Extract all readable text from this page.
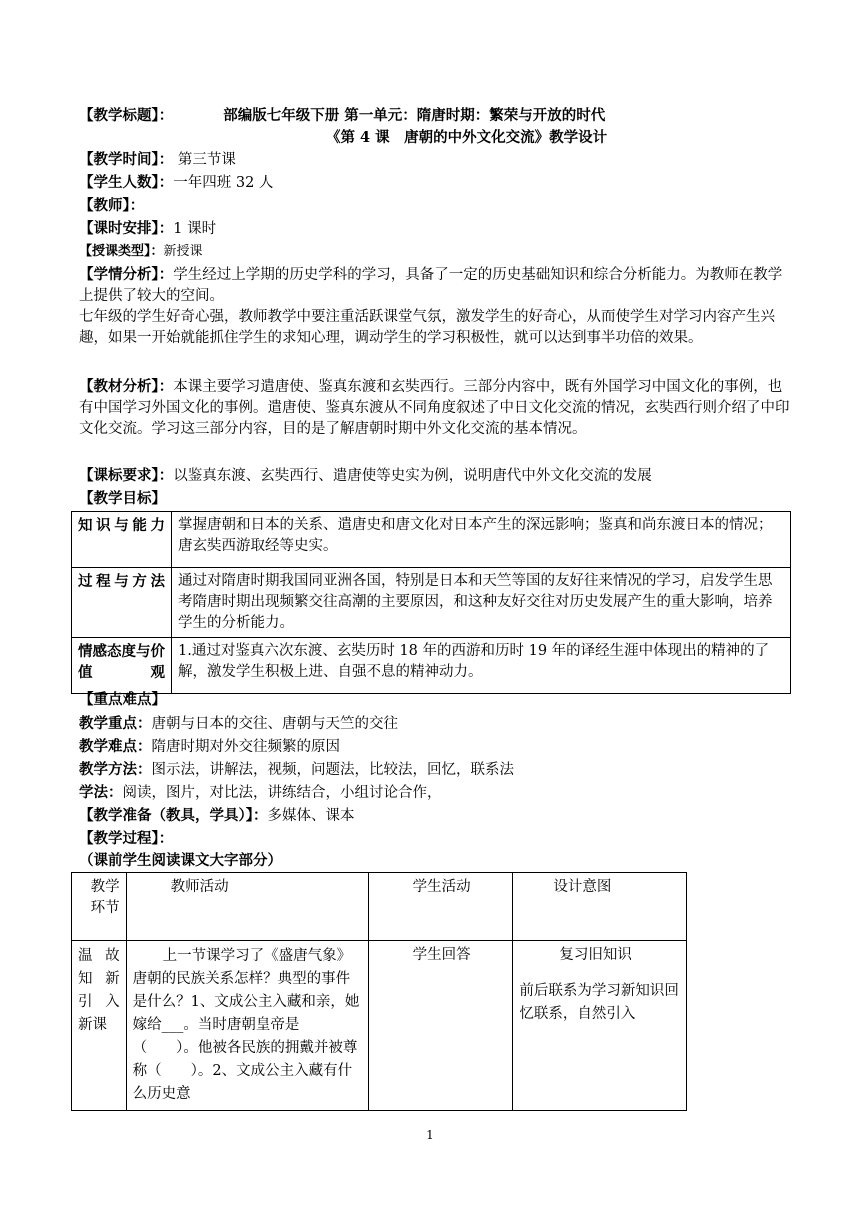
【教学标题】：	部编版七年级下册 第一单元：隋唐时期：繁荣与开放的时代
《第 4 课　唐朝的中外文化交流》教学设计
【教学时间】： 第三节课
【学生人数】：一年四班 32 人
【教师】：
【课时安排】：1 课时
【授课类型】：新授课

【学情分析】：学生经过上学期的历史学科的学习，具备了一定的历史基础知识和综合分析能力。为教师在教学上提供了较大的空间。

七年级的学生好奇心强，教师教学中要注重活跃课堂气氛，激发学生的好奇心，从而使学生对学习内容产生兴趣，如果一开始就能抓住学生的求知心理，调动学生的学习积极性，就可以达到事半功倍的效果。

【教材分析】：本课主要学习遣唐使、鉴真东渡和玄奘西行。三部分内容中，既有外国学习中国文化的事例，也有中国学习外国文化的事例。遣唐使、鉴真东渡从不同角度叙述了中日文化交流的情况，玄奘西行则介绍了中印文化交流。学习这三部分内容，目的是了解唐朝时期中外文化交流的基本情况。

【课标要求】：以鉴真东渡、玄奘西行、遣唐使等史实为例，说明唐代中外文化交流的发展
【教学目标】
知识与能力	掌握唐朝和日本的关系、遣唐史和唐文化对日本产生的深远影响；鉴真和尚东渡日本的情况；唐玄奘西游取经等史实。
过程与方法	通过对隋唐时期我国同亚洲各国，特别是日本和天竺等国的友好往来情况的学习，启发学生思考隋唐时期出现频繁交往高潮的主要原因，和这种友好交往对历史发展产生的重大影响，培养学生的分析能力。
情感态度与价值观	1.通过对鉴真六次东渡、玄奘历时 18 年的西游和历时 19 年的译经生涯中体现出的精神的了解，激发学生积极上进、自强不息的精神动力。
【重点难点】
教学重点：唐朝与日本的交往、唐朝与天竺的交往
教学难点：隋唐时期对外交往频繁的原因
教学方法：图示法，讲解法，视频，问题法，比较法，回忆，联系法
学法：阅读，图片，对比法，讲练结合，小组讨论合作，
【教学准备（教具，学具）】：多媒体、课本
【教学过程】：
（课前学生阅读课文大字部分）
教学环节	教师活动	学生活动	设计意图
温故知新　引入新课	上一节课学习了《盛唐气象》唐朝的民族关系怎样？典型的事件是什么？1、文成公主入藏和亲，她嫁给___。当时唐朝皇帝是（　　）。他被各民族的拥戴并被尊称（　　）。2、文成公主入藏有什么历史意	学生回答	复习旧知识
前后联系为学习新知识回忆联系，自然引入
1
